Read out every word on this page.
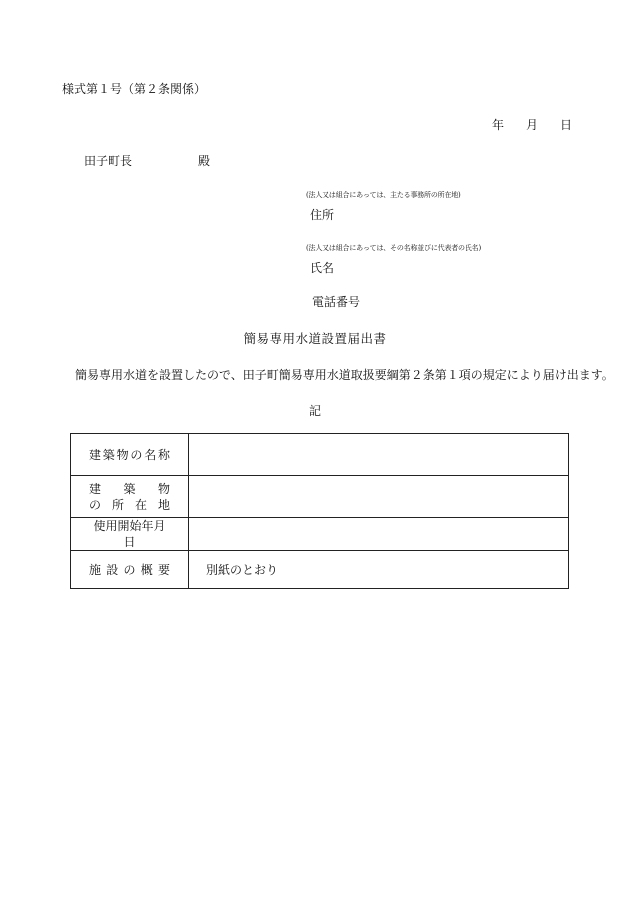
様式第１号（第２条関係）
年 月 日
田子町長	殿
(法人又は組合にあっては、主たる事務所の所在地)
住所
(法人又は組合にあっては、その名称並びに代表者の氏名)
氏名
電話番号
簡易専用水道設置届出書
簡易専用水道を設置したので、田子町簡易専用水道取扱要綱第２条第１項の規定により届け出ます。
記
建築物の名称	

建築物
の所在地	

使用開始年月日	

施設の概要	別紙のとおり
